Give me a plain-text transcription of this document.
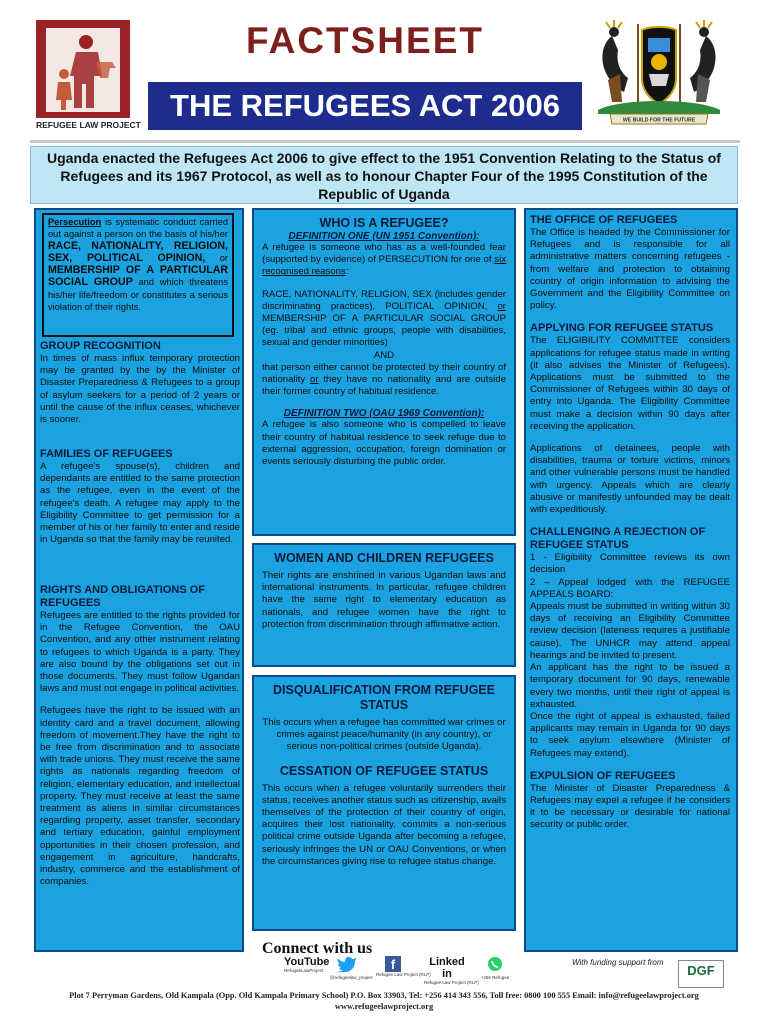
REFUGEE LAW PROJECT
FACTSHEET
THE REFUGEES ACT 2006	WE BUILD FOR THE FUTURE

Uganda enacted the Refugees Act 2006 to give effect to the 1951 Convention Relating to the Status of Refugees and its 1967 Protocol, as well as to honour Chapter Four of the 1995 Constitution of the Republic of Uganda

Persecution is systematic conduct carried out against a person on the basis of his/her RACE, NATIONALITY, RELIGION, SEX, POLITICAL OPINION, or MEMBERSHIP OF A PARTICULAR SOCIAL GROUP and which threatens his/her life/freedom or constitutes a serious violation of their rights.

GROUP RECOGNITION

In times of mass influx temporary protection may be granted by the by the Minister of Disaster Preparedness & Refugees to a group of asylum seekers for a period of 2 years or until the cause of the influx ceases, whichever is sooner.

FAMILIES OF REFUGEES

A refugee's spouse(s), children and dependants are entitled to the same protection as the refugee, even in the event of the refugee's death. A refugee may apply to the Eligibility Committee to get permission for a member of his or her family to enter and reside in Uganda so that the family may be reunited.

RIGHTS AND OBLIGATIONS OF REFUGEES

Refugees are entitled to the rights provided for in the Refugee Convention, the OAU Convention, and any other instrument relating to refugees to which Uganda is a party. They are also bound by the obligations set out in those documents. They must follow Ugandan laws and must not engage in political activities.

Refugees have the right to be issued with an identity card and a travel document, allowing freedom of movement.They have the right to be free from discrimination and to associate with trade unions. They must receive the same rights as nationals regarding freedom of religion, elementary education, and intellectual property. They must receive at least the same treatment as aliens in similar circumstances regarding property, asset transfer, secondary and tertiary education, gainful employment opportunities in their chosen profession, and engagement in agriculture, handcrafts, industry, commerce and the establishment of companies.

WHO IS A REFUGEE?

DEFINITION ONE (UN 1951 Convention):

A refugee is someone who has as a well-founded fear (supported by evidence) of PERSECUTION for one of six recognised reasons:

RACE, NATIONALITY, RELIGION, SEX (includes gender discriminating practices), POLITICAL OPINION, or MEMBERSHIP OF A PARTICULAR SOCIAL GROUP (eg. tribal and ethnic groups, people with disabilities, sexual and gender minorities)

AND

that person either cannot be protected by their country of nationality or they have no nationality and are outside their former country of habitual residence.

DEFINITION TWO (OAU 1969 Convention):

A refugee is also someone who is compelled to leave their country of habitual residence to seek refuge due to external aggression, occupation, foreign domination or events seriously disturbing the public order.

WOMEN AND CHILDREN REFUGEES

Their rights are enshrined in various Ugandan laws and international instruments. In particular, refugee children have the same right to elementary education as nationals, and refugee women have the right to protection from discrimination through affirmative action.

DISQUALIFICATION FROM REFUGEE STATUS

This occurs when a refugee has committed war crimes or crimes against peace/humanity (in any country), or serious non-political crimes (outside Uganda).

CESSATION OF REFUGEE STATUS

This occurs when a refugee voluntarily surrenders their status, receives another status such as citizenship, avails themselves of the protection of their country of origin, acquires their lost nationality, commits a non-serious political crime outside Uganda after becoming a refugee, seriously infringes the UN or OAU Conventions, or when the circumstances giving rise to refugee status change.

THE OFFICE OF REFUGEES

The Office is headed by the Commissioner for Refugees and is responsible for all administrative matters concerning refugees - from welfare and protection to obtaining country of origin information to advising the Government and the Eligibility Committee on policy.

APPLYING FOR REFUGEE STATUS

The ELIGIBILITY COMMITTEE considers applications for refugee status made in writing (it also advises the Minister of Refugees). Applications must be submitted to the Commissioner of Refugees within 30 days of entry into Uganda. The Eligibility Committee must make a decision within 90 days after receiving the application.

Applications of detainees, people with disabilities, trauma or torture victims, minors and other vulnerable persons must be handled with urgency. Appeals which are clearly abusive or manifestly unfounded may be dealt with expeditiously.

CHALLENGING A REJECTION OF REFUGEE STATUS

1 - Eligibility Committee reviews its own decision

2 – Appeal lodged with the REFUGEE APPEALS BOARD:

Appeals must be submitted in writing within 30 days of receiving an Eligibility Committee review decision (lateness requires a justifiable cause). The UNHCR may attend appeal hearings and be invited to present.

An applicant has the right to be issued a temporary document for 90 days, renewable every two months, until their right of appeal is exhausted.

Once the right of appeal is exhausted, failed applicants may remain in Uganda for 90 days to seek asylum elsewhere (Minister of Refugees may extend).

EXPULSION OF REFUGEES

The Minister of Disaster Preparedness & Refugees may expel a refugee if he considers it to be necessary or desirable for national security or public order.

Connect with us
YouTube
RefugeeLawProject
@refugeelaw_project
f
Refugee Law Project (RLP)
Linked in
Refugee Law Project (RLP)
+256 Refugee
With funding support from
DGF
Plot 7 Perryman Gardens, Old Kampala (Opp. Old Kampala Primary School) P.O. Box 33903, Tel: +256 414 343 556, Toll free: 0800 100 555 Email: info@refugeelawproject.org
www.refugeelawproject.org
